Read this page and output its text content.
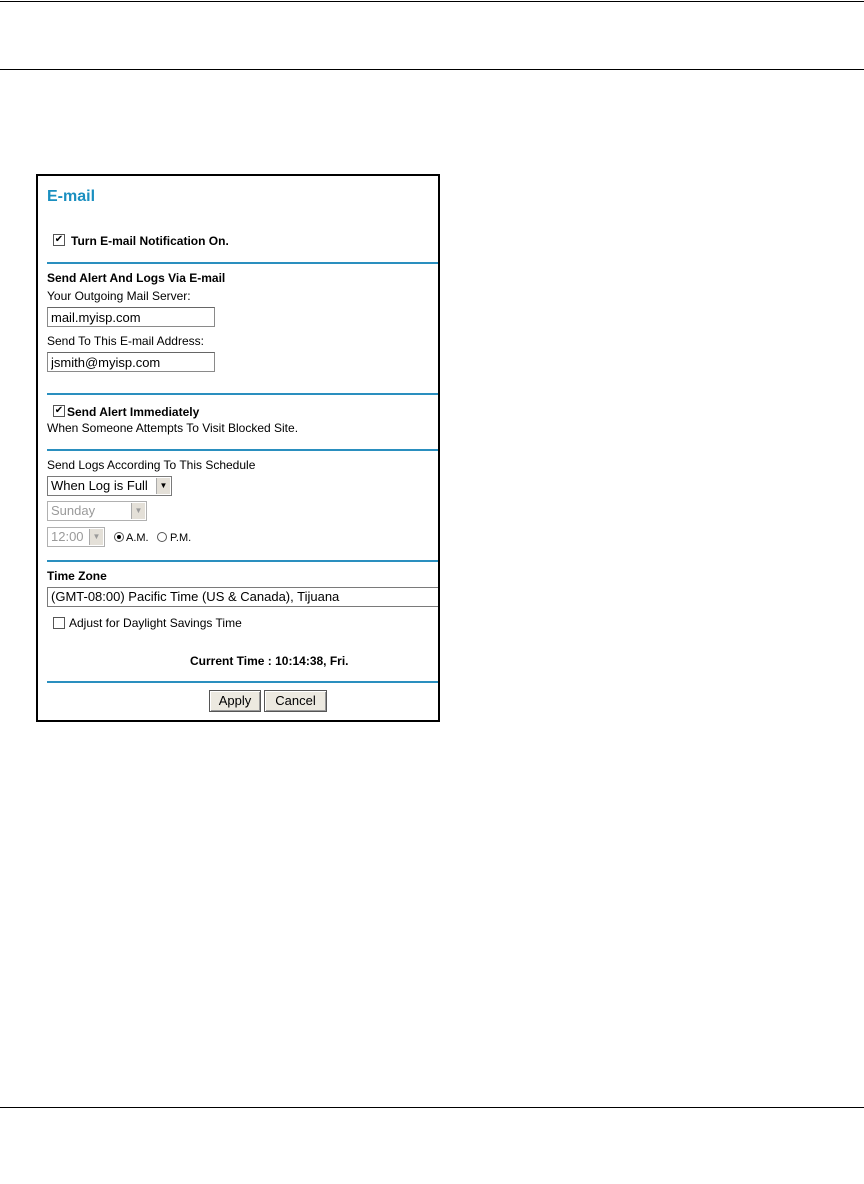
E-mail
✔ Turn E-mail Notification On.
Send Alert And Logs Via E-mail
Your Outgoing Mail Server:
mail.myisp.com
Send To This E-mail Address:
jsmith@myisp.com
✔ Send Alert Immediately
When Someone Attempts To Visit Blocked Site.
Send Logs According To This Schedule
When Log is Full	▼
Sunday	▼
12:00	▼ A.M. P.M.
Time Zone
(GMT-08:00) Pacific Time (US & Canada), Tijuana
Adjust for Daylight Savings Time
Current Time : 10:14:38, Fri.
Apply	Cancel
